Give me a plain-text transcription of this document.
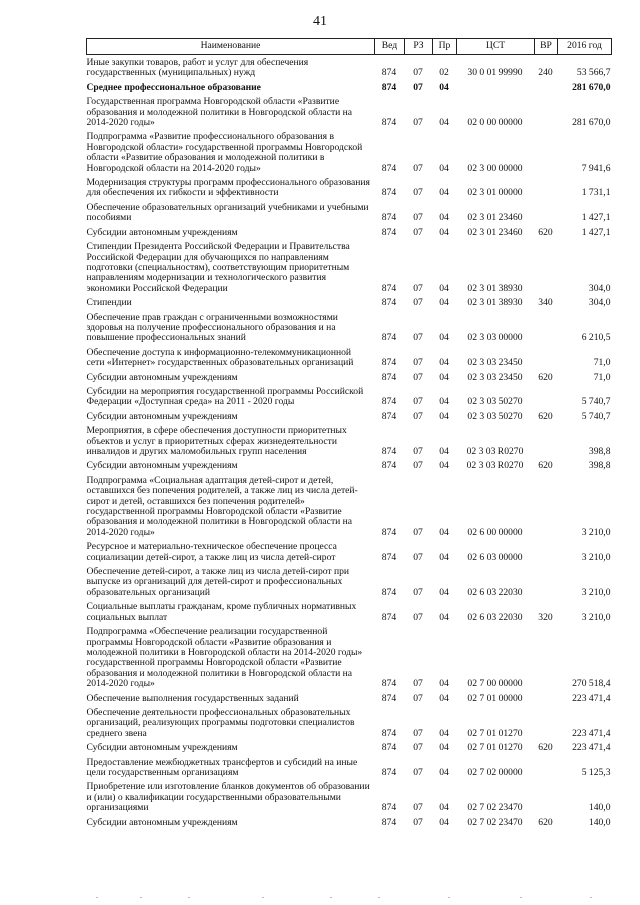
41
Наименование	Вед	РЗ	Пр	ЦСТ	ВР	2016 год
Иные закупки товаров, работ и услуг для обеспечения государственных (муниципальных) нужд	874	07	02	30 0 01 99990	240	53 566,7
Среднее профессиональное образование	874	07	04			281 670,0
Государственная программа Новгородской области «Развитие образования и молодежной политики в Новгородской области на 2014-2020 годы»	874	07	04	02 0 00 00000		281 670,0
Подпрограмма «Развитие профессионального образования в Новгородской области» государственной программы Новгородской области «Развитие образования и молодежной политики в Новгородской области на 2014-2020 годы»	874	07	04	02 3 00 00000		7 941,6
Модернизация структуры программ профессионального образования для обеспечения их гибкости и эффективности	874	07	04	02 3 01 00000		1 731,1
Обеспечение образовательных организаций учебниками и учебными пособиями	874	07	04	02 3 01 23460		1 427,1
Субсидии автономным учреждениям	874	07	04	02 3 01 23460	620	1 427,1
Стипендии Президента Российской Федерации и Правительства Российской Федерации для обучающихся по направлениям подготовки (специальностям), соответствующим приоритетным направлениям модернизации и технологического развития экономики Российской Федерации	874	07	04	02 3 01 38930		304,0
Стипендии	874	07	04	02 3 01 38930	340	304,0
Обеспечение прав граждан с ограниченными возможностями здоровья на получение профессионального образования и на повышение профессиональных знаний	874	07	04	02 3 03 00000		6 210,5
Обеспечение доступа к информационно-телекоммуникационной сети «Интернет» государственных образовательных организаций	874	07	04	02 3 03 23450		71,0
Субсидии автономным учреждениям	874	07	04	02 3 03 23450	620	71,0
Субсидии на мероприятия государственной программы Российской Федерации «Доступная среда» на 2011 - 2020 годы	874	07	04	02 3 03 50270		5 740,7
Субсидии автономным учреждениям	874	07	04	02 3 03 50270	620	5 740,7
Мероприятия, в сфере обеспечения доступности приоритетных объектов и услуг в приоритетных сферах жизнедеятельности инвалидов и других маломобильных групп населения	874	07	04	02 3 03 R0270		398,8
Субсидии автономным учреждениям	874	07	04	02 3 03 R0270	620	398,8
Подпрограмма «Социальная адаптация детей-сирот и детей, оставшихся без попечения родителей, а также лиц из числа детей-сирот и детей, оставшихся без попечения родителей» государственной программы Новгородской области «Развитие образования и молодежной политики в Новгородской области на 2014-2020 годы»	874	07	04	02 6 00 00000		3 210,0
Ресурсное и материально-техническое обеспечение процесса социализации детей-сирот, а также лиц из числа детей-сирот	874	07	04	02 6 03 00000		3 210,0
Обеспечение детей-сирот, а также лиц из числа детей-сирот при выпуске из организаций для детей-сирот и профессиональных образовательных организаций	874	07	04	02 6 03 22030		3 210,0
Социальные выплаты гражданам, кроме публичных нормативных социальных выплат	874	07	04	02 6 03 22030	320	3 210,0
Подпрограмма «Обеспечение реализации государственной программы Новгородской области «Развитие образования и молодежной политики в Новгородской области на 2014-2020 годы» государственной программы Новгородской области «Развитие образования и молодежной политики в Новгородской области на 2014-2020 годы»	874	07	04	02 7 00 00000		270 518,4
Обеспечение выполнения государственных заданий	874	07	04	02 7 01 00000		223 471,4
Обеспечение деятельности профессиональных образовательных организаций, реализующих программы подготовки специалистов среднего звена	874	07	04	02 7 01 01270		223 471,4
Субсидии автономным учреждениям	874	07	04	02 7 01 01270	620	223 471,4
Предоставление межбюджетных трансфертов и субсидий на иные цели государственным организациям	874	07	04	02 7 02 00000		5 125,3
Приобретение или изготовление бланков документов об образовании и (или) о квалификации государственными образовательными организациями	874	07	04	02 7 02 23470		140,0
Субсидии автономным учреждениям	874	07	04	02 7 02 23470	620	140,0
